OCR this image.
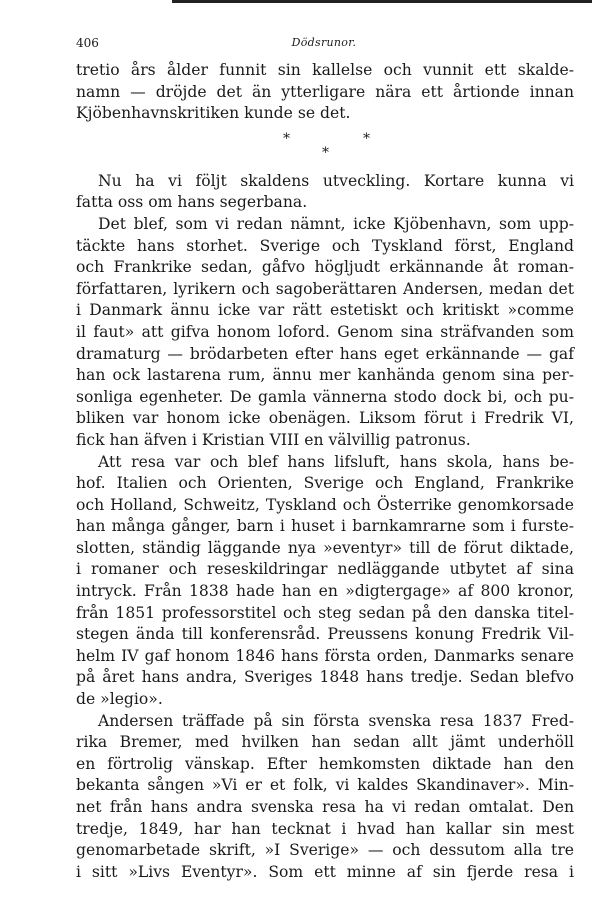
406	Dödsrunor.
tretio års ålder funnit sin kallelse och vunnit ett skalde-
namn — dröjde det än ytterligare nära ett årtionde innan
Kjöbenhavnskritiken kunde se det.
*	*
*
Nu ha vi följt skaldens utveckling. Kortare kunna vi
fatta oss om hans segerbana.
Det blef, som vi redan nämnt, icke Kjöbenhavn, som upp-
täckte hans storhet. Sverige och Tyskland först, England
och Frankrike sedan, gåfvo högljudt erkännande åt roman-
författaren, lyrikern och sagoberättaren Andersen, medan det
i Danmark ännu icke var rätt estetiskt och kritiskt »comme
il faut» att gifva honom loford. Genom sina sträfvanden som
dramaturg — brödarbeten efter hans eget erkännande — gaf
han ock lastarena rum, ännu mer kanhända genom sina per-
sonliga egenheter. De gamla vännerna stodo dock bi, och pu-
bliken var honom icke obenägen. Liksom förut i Fredrik VI,
fick han äfven i Kristian VIII en välvillig patronus.
Att resa var och blef hans lifsluft, hans skola, hans be-
hof. Italien och Orienten, Sverige och England, Frankrike
och Holland, Schweitz, Tyskland och Österrike genomkorsade
han många gånger, barn i huset i barnkamrarne som i furste-
slotten, ständig läggande nya »eventyr» till de förut diktade,
i romaner och reseskildringar nedläggande utbytet af sina
intryck. Från 1838 hade han en »digtergage» af 800 kronor,
från 1851 professorstitel och steg sedan på den danska titel-
stegen ända till konferensråd. Preussens konung Fredrik Vil-
helm IV gaf honom 1846 hans första orden, Danmarks senare
på året hans andra, Sveriges 1848 hans tredje. Sedan blefvo
de »legio».
Andersen träffade på sin första svenska resa 1837 Fred-
rika Bremer, med hvilken han sedan allt jämt underhöll
en förtrolig vänskap. Efter hemkomsten diktade han den
bekanta sången »Vi er et folk, vi kaldes Skandinaver». Min-
net från hans andra svenska resa ha vi redan omtalat. Den
tredje, 1849, har han tecknat i hvad han kallar sin mest
genomarbetade skrift, »I Sverige» — och dessutom alla tre
i sitt »Livs Eventyr». Som ett minne af sin fjerde resa i
